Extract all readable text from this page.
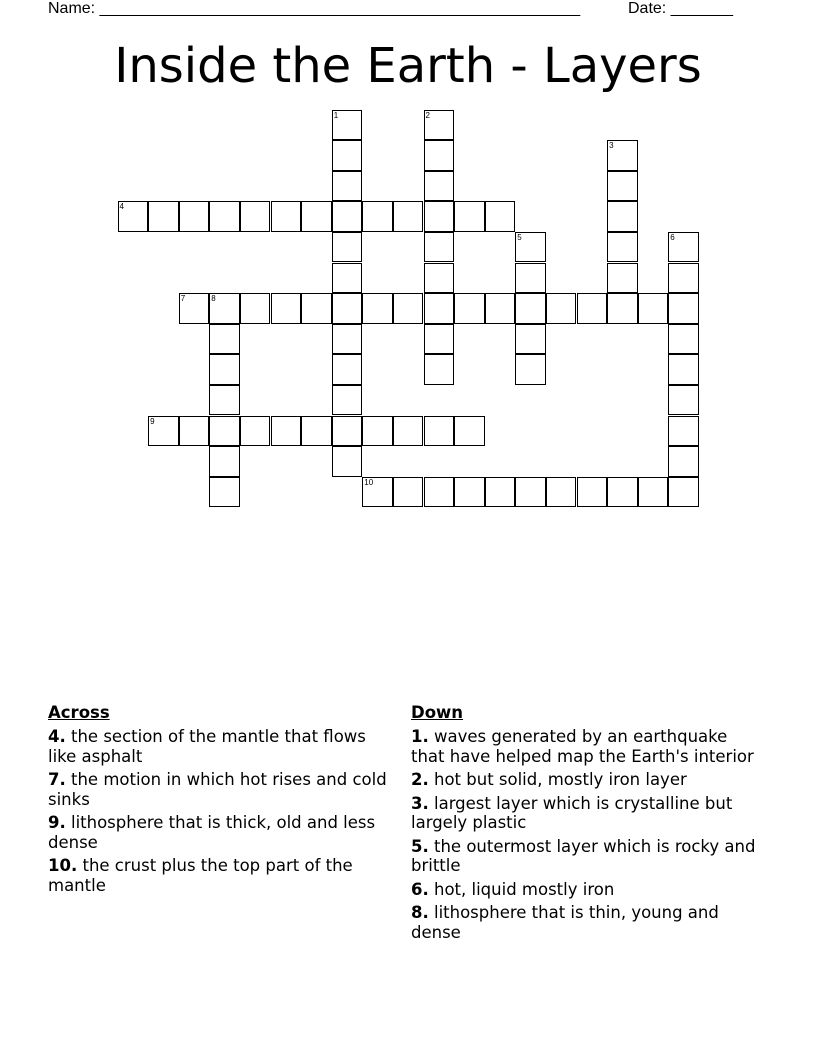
Name: ______________________________________________________	Date: _______
Inside the Earth - Layers
1	2
3
4
5	6
7	8
9
10
Across
4. the section of the mantle that flows like asphalt
7. the motion in which hot rises and cold sinks
9. lithosphere that is thick, old and less dense
10. the crust plus the top part of the mantle
Down
1. waves generated by an earthquake that have helped map the Earth's interior
2. hot but solid, mostly iron layer
3. largest layer which is crystalline but largely plastic
5. the outermost layer which is rocky and brittle
6. hot, liquid mostly iron
8. lithosphere that is thin, young and dense
